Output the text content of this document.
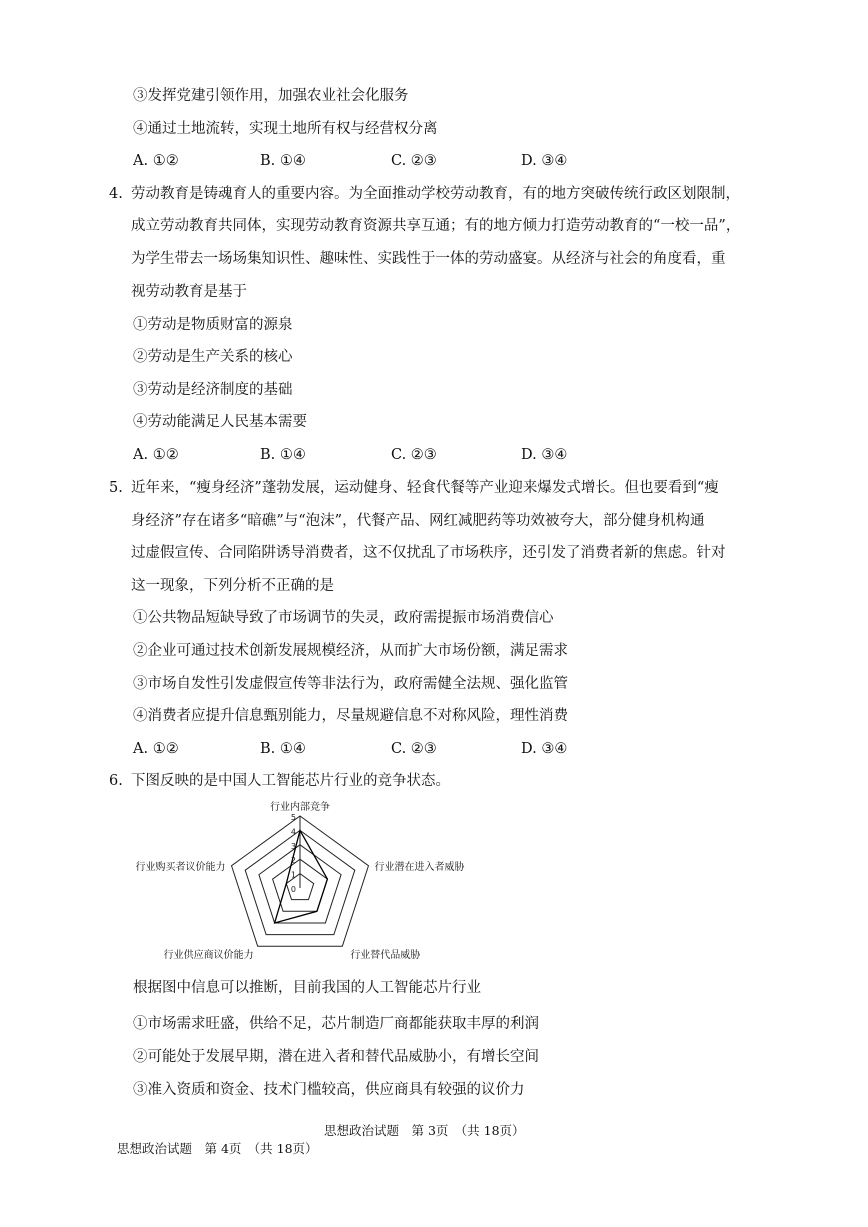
③发挥党建引领作用，加强农业社会化服务
④通过土地流转，实现土地所有权与经营权分离
A. ①②	B. ①④	C. ②③	D. ③④
4. 劳动教育是铸魂育人的重要内容。为全面推动学校劳动教育，有的地方突破传统行政区划限制，
成立劳动教育共同体，实现劳动教育资源共享互通；有的地方倾力打造劳动教育的“一校一品”，
为学生带去一场场集知识性、趣味性、实践性于一体的劳动盛宴。从经济与社会的角度看，重
视劳动教育是基于
①劳动是物质财富的源泉
②劳动是生产关系的核心
③劳动是经济制度的基础
④劳动能满足人民基本需要
A. ①②	B. ①④	C. ②③	D. ③④
5. 近年来，“瘦身经济”蓬勃发展，运动健身、轻食代餐等产业迎来爆发式增长。但也要看到“瘦
身经济”存在诸多“暗礁”与“泡沫”，代餐产品、网红减肥药等功效被夸大，部分健身机构通
过虚假宣传、合同陷阱诱导消费者，这不仅扰乱了市场秩序，还引发了消费者新的焦虑。针对
这一现象，下列分析不正确的是
①公共物品短缺导致了市场调节的失灵，政府需提振市场消费信心
②企业可通过技术创新发展规模经济，从而扩大市场份额，满足需求
③市场自发性引发虚假宣传等非法行为，政府需健全法规、强化监管
④消费者应提升信息甄别能力，尽量规避信息不对称风险，理性消费
A. ①②	B. ①④	C. ②③	D. ③④
6. 下图反映的是中国人工智能芯片行业的竞争状态。
0
1
2
3
4
5
行业内部竞争
行业潜在进入者威胁
行业替代品威胁
行业供应商议价能力
行业购买者议价能力
根据图中信息可以推断，目前我国的人工智能芯片行业
①市场需求旺盛，供给不足，芯片制造厂商都能获取丰厚的利润
②可能处于发展早期，潜在进入者和替代品威胁小，有增长空间
③准入资质和资金、技术门槛较高，供应商具有较强的议价力
思想政治试题　第 3页　（共 18页）
思想政治试题　第 4页　（共 18页）
